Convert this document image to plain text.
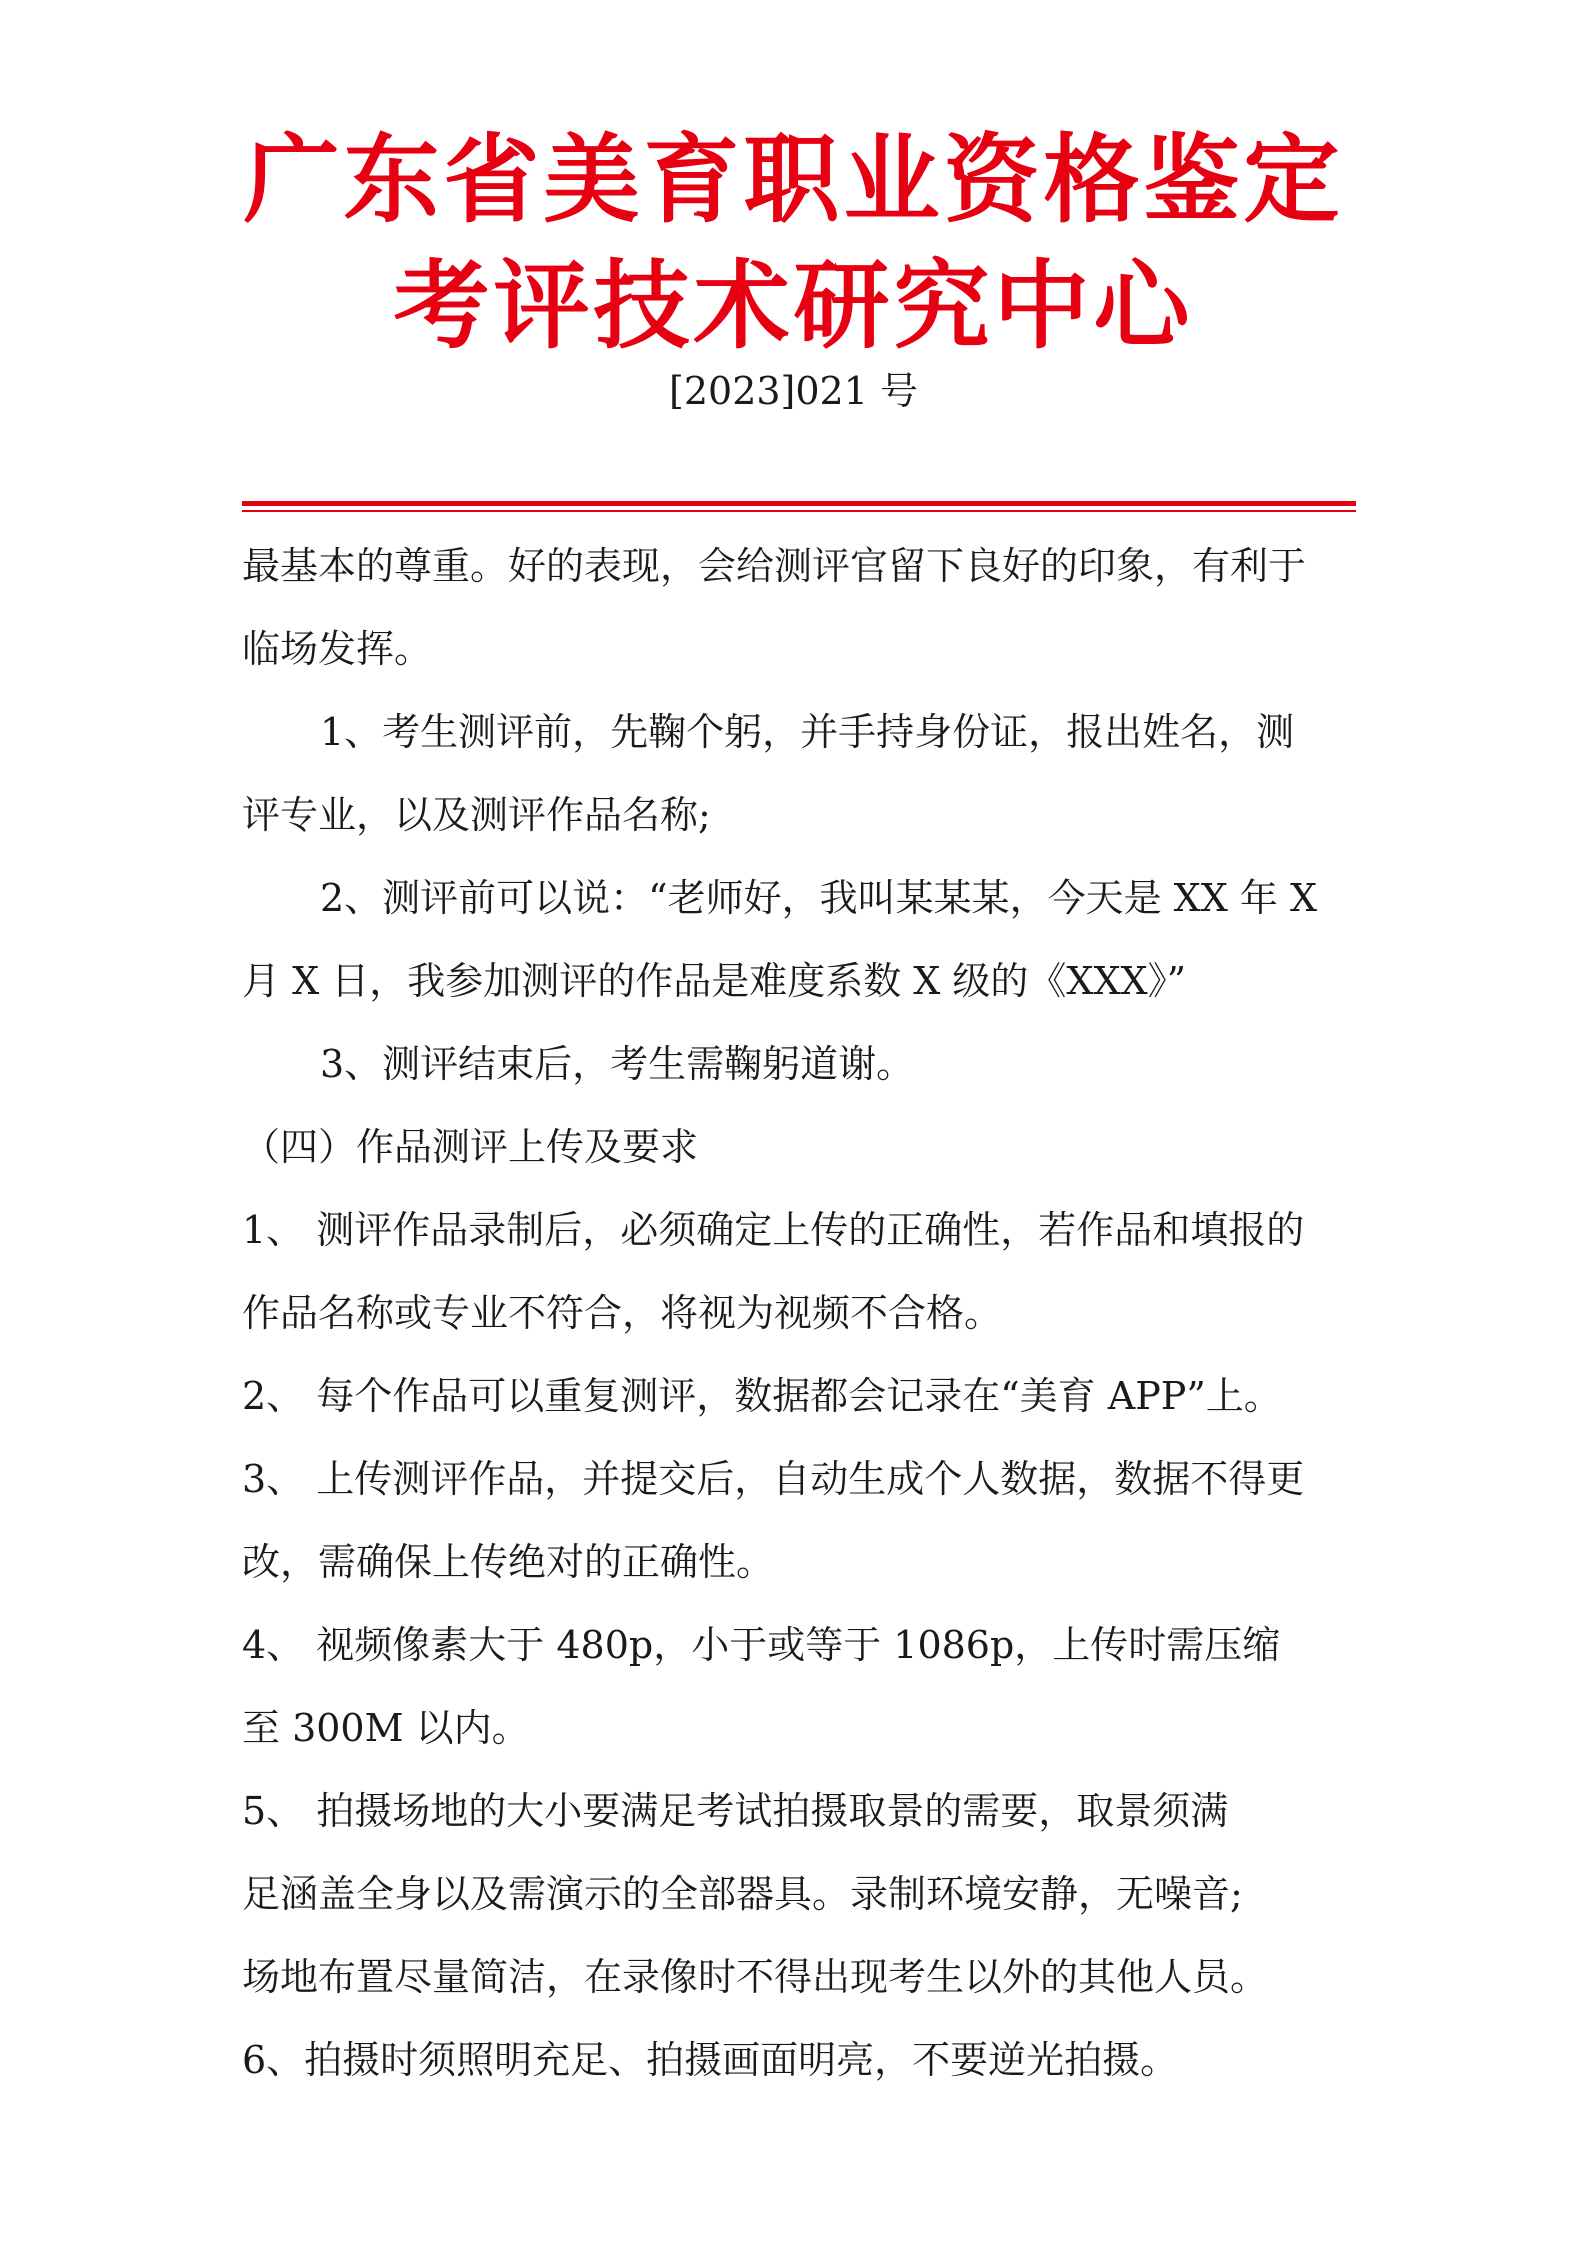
广东省美育职业资格鉴定
考评技术研究中心
[2023]021 号
最基本的尊重。好的表现，会给测评官留下良好的印象，有利于
临场发挥。
1、考生测评前，先鞠个躬，并手持身份证，报出姓名，测
评专业，以及测评作品名称;
2、测评前可以说：“老师好，我叫某某某，今天是 XX 年 X
月 X 日，我参加测评的作品是难度系数 X 级的《XXX》”
3、测评结束后，考生需鞠躬道谢。
（四）作品测评上传及要求
1、 测评作品录制后，必须确定上传的正确性，若作品和填报的
作品名称或专业不符合，将视为视频不合格。
2、 每个作品可以重复测评，数据都会记录在“美育 APP”上。
3、 上传测评作品，并提交后，自动生成个人数据，数据不得更
改，需确保上传绝对的正确性。
4、 视频像素大于 480p，小于或等于 1086p，上传时需压缩
至 300M 以内。
5、 拍摄场地的大小要满足考试拍摄取景的需要，取景须满
足涵盖全身以及需演示的全部器具。录制环境安静，无噪音;
场地布置尽量简洁，在录像时不得出现考生以外的其他人员。
6、拍摄时须照明充足、拍摄画面明亮，不要逆光拍摄。
